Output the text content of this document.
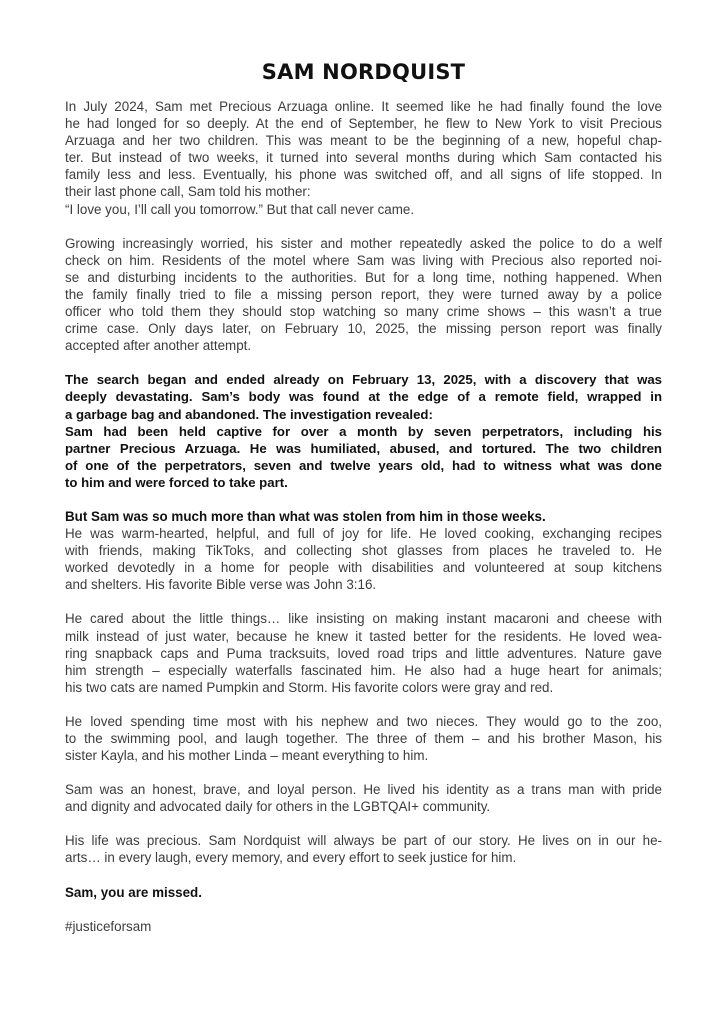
SAM NORDQUIST
In July 2024, Sam met Precious Arzuaga online. It seemed like he had finally found the love
he had longed for so deeply. At the end of September, he flew to New York to visit Precious
Arzuaga and her two children. This was meant to be the beginning of a new, hopeful chap-
ter. But instead of two weeks, it turned into several months during which Sam contacted his
family less and less. Eventually, his phone was switched off, and all signs of life stopped. In
their last phone call, Sam told his mother:
“I love you, I’ll call you tomorrow.” But that call never came.
Growing increasingly worried, his sister and mother repeatedly asked the police to do a welf
check on him. Residents of the motel where Sam was living with Precious also reported noi-
se and disturbing incidents to the authorities. But for a long time, nothing happened. When
the family finally tried to file a missing person report, they were turned away by a police
officer who told them they should stop watching so many crime shows – this wasn’t a true
crime case. Only days later, on February 10, 2025, the missing person report was finally
accepted after another attempt.
The search began and ended already on February 13, 2025, with a discovery that was
deeply devastating. Sam’s body was found at the edge of a remote field, wrapped in
a garbage bag and abandoned. The investigation revealed:
Sam had been held captive for over a month by seven perpetrators, including his
partner Precious Arzuaga. He was humiliated, abused, and tortured. The two children
of one of the perpetrators, seven and twelve years old, had to witness what was done
to him and were forced to take part.
But Sam was so much more than what was stolen from him in those weeks.
He was warm-hearted, helpful, and full of joy for life. He loved cooking, exchanging recipes
with friends, making TikToks, and collecting shot glasses from places he traveled to. He
worked devotedly in a home for people with disabilities and volunteered at soup kitchens
and shelters. His favorite Bible verse was John 3:16.
He cared about the little things… like insisting on making instant macaroni and cheese with
milk instead of just water, because he knew it tasted better for the residents. He loved wea-
ring snapback caps and Puma tracksuits, loved road trips and little adventures. Nature gave
him strength – especially waterfalls fascinated him. He also had a huge heart for animals;
his two cats are named Pumpkin and Storm. His favorite colors were gray and red.
He loved spending time most with his nephew and two nieces. They would go to the zoo,
to the swimming pool, and laugh together. The three of them – and his brother Mason, his
sister Kayla, and his mother Linda – meant everything to him.
Sam was an honest, brave, and loyal person. He lived his identity as a trans man with pride
and dignity and advocated daily for others in the LGBTQAI+ community.
His life was precious. Sam Nordquist will always be part of our story. He lives on in our he-
arts… in every laugh, every memory, and every effort to seek justice for him.
Sam, you are missed.
#justiceforsam
